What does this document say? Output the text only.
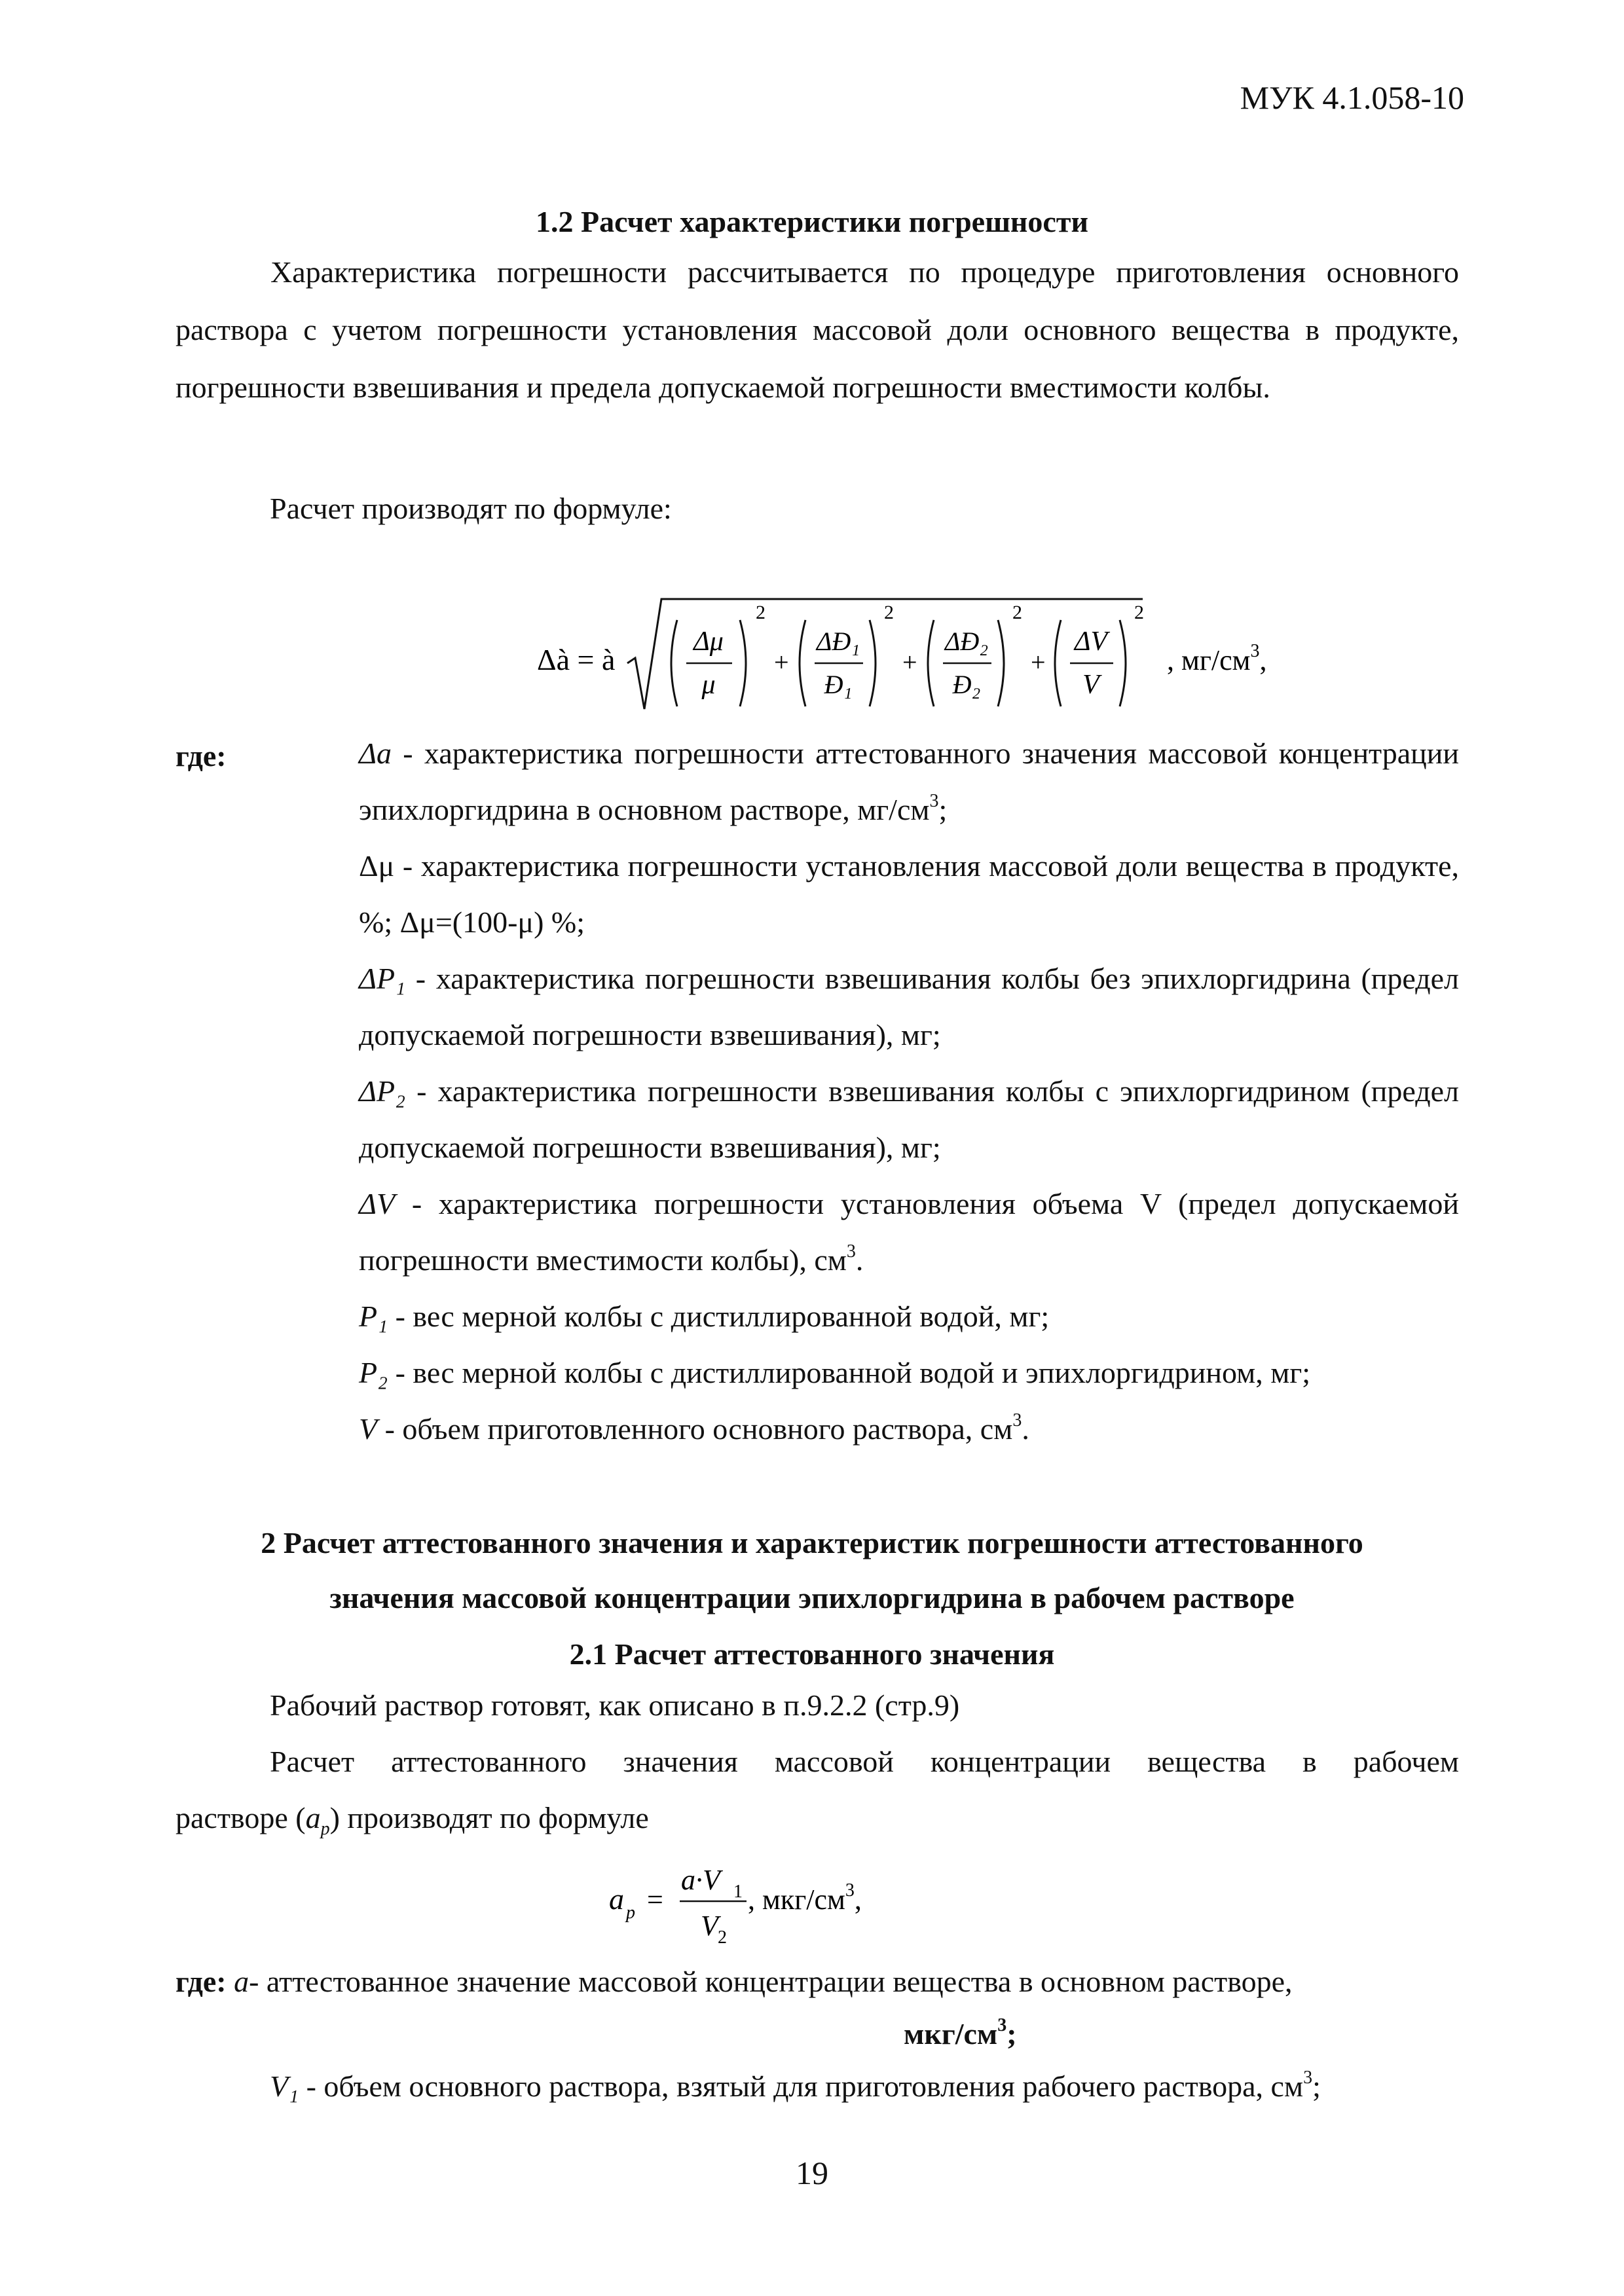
МУК 4.1.058-10
1.2 Расчет характеристики погрешности
Характеристика погрешности рассчитывается по процедуре приготовления основного раствора с учетом погрешности установления массовой доли основного вещества в продукте, погрешности взвешивания и предела допускаемой погрешности вместимости колбы.
Расчет производят по формуле:
Δà = à
Δμ
μ
2
+
ΔĐ₁
Đ₁
2
+
ΔĐ₂
Đ₂
2
+
ΔV
V
2
, $мг/см^3$,
где:	Δa - характеристика погрешности аттестованного значения массовой концентрации эпихлоргидрина в основном растворе, $мг/см^3$;
Δμ - характеристика погрешности установления массовой доли вещества в продукте, %; Δμ=(100-μ) %;
ΔP₁ - характеристика погрешности взвешивания колбы без эпихлоргидрина (предел допускаемой погрешности взвешивания), мг;
ΔP₂ - характеристика погрешности взвешивания колбы с эпихлоргидрином (предел допускаемой погрешности взвешивания), мг;
ΔV - характеристика погрешности установления объема V (предел допускаемой погрешности вместимости колбы), $см^3$.
P₁ - вес мерной колбы с дистиллированной водой, мг;
P₂ - вес мерной колбы с дистиллированной водой и эпихлоргидрином, мг;
V - объем приготовленного основного раствора, $см^3$.
2 Расчет аттестованного значения и характеристик погрешности аттестованного
значения массовой концентрации эпихлоргидрина в рабочем растворе
2.1 Расчет аттестованного значения
Рабочий раствор готовят, как описано в п.9.2.2 (стр.9)
Расчет аттестованного значения массовой концентрации вещества в рабочем
растворе $(a_p)$ производят по формуле
a p =
a·V 1
V 2
, мкг/$см^3$,
где: a- аттестованное значение массовой концентрации вещества в основном растворе,
мкг/$см^3$;
V₁ - объем основного раствора, взятый для приготовления рабочего раствора, $см^3$;
19
